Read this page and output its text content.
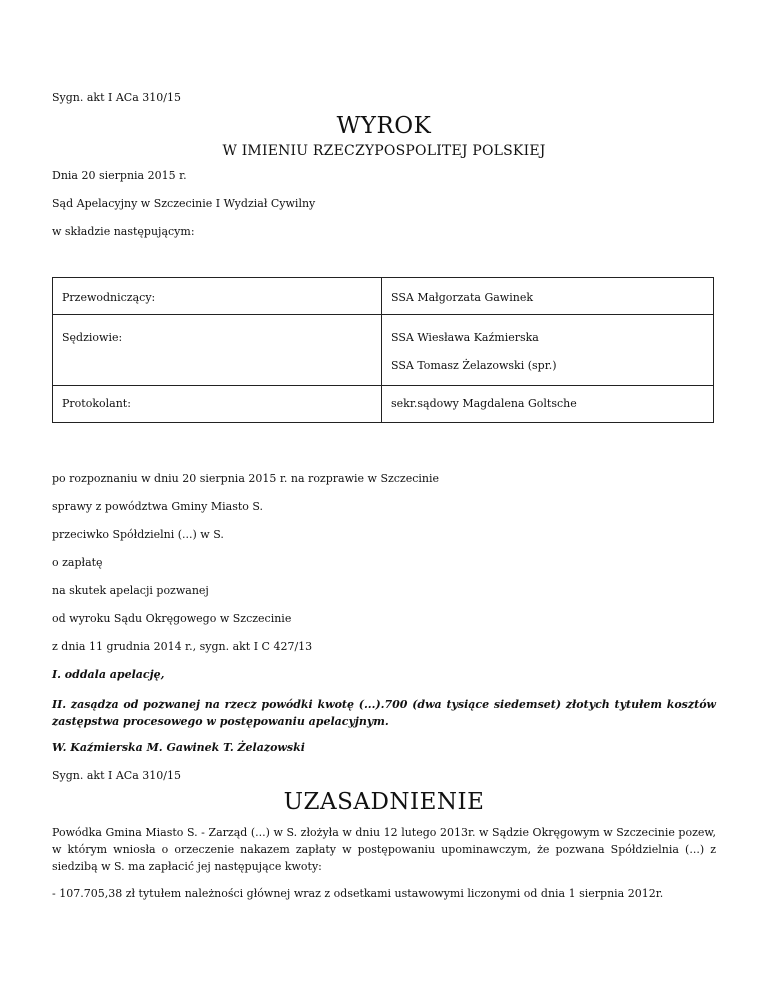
Sygn. akt I ACa 310/15

WYROK

W IMIENIU RZECZYPOSPOLITEJ POLSKIEJ

Dnia 20 sierpnia 2015 r.

Sąd Apelacyjny w Szczecinie I Wydział Cywilny

w składzie następującym:

Przewodniczący:	SSA Małgorzata Gawinek

Sędziowie:	SSA Wiesława Kaźmierska
SSA Tomasz Żelazowski (spr.)

Protokolant:	sekr.sądowy Magdalena Goltsche

po rozpoznaniu w dniu 20 sierpnia 2015 r. na rozprawie w Szczecinie

sprawy z powództwa Gminy Miasto S.

przeciwko Spółdzielni (...) w S.

o zapłatę

na skutek apelacji pozwanej

od wyroku Sądu Okręgowego w Szczecinie

z dnia 11 grudnia 2014 r., sygn. akt I C 427/13

I. oddala apelację,

II. zasądza od pozwanej na rzecz powódki kwotę (...).700 (dwa tysiące siedemset) złotych tytułem kosztów zastępstwa procesowego w postępowaniu apelacyjnym.

W. Kaźmierska M. Gawinek T. Żelazowski

Sygn. akt I ACa 310/15

UZASADNIENIE

Powódka Gmina Miasto S. - Zarząd (...) w S. złożyła w dniu 12 lutego 2013r. w Sądzie Okręgowym w Szczecinie pozew, w którym wniosła o orzeczenie nakazem zapłaty w postępowaniu upominawczym, że pozwana Spółdzielnia (...) z siedzibą w S. ma zapłacić jej następujące kwoty:

- 107.705,38 zł tytułem należności głównej wraz z odsetkami ustawowymi liczonymi od dnia 1 sierpnia 2012r.
